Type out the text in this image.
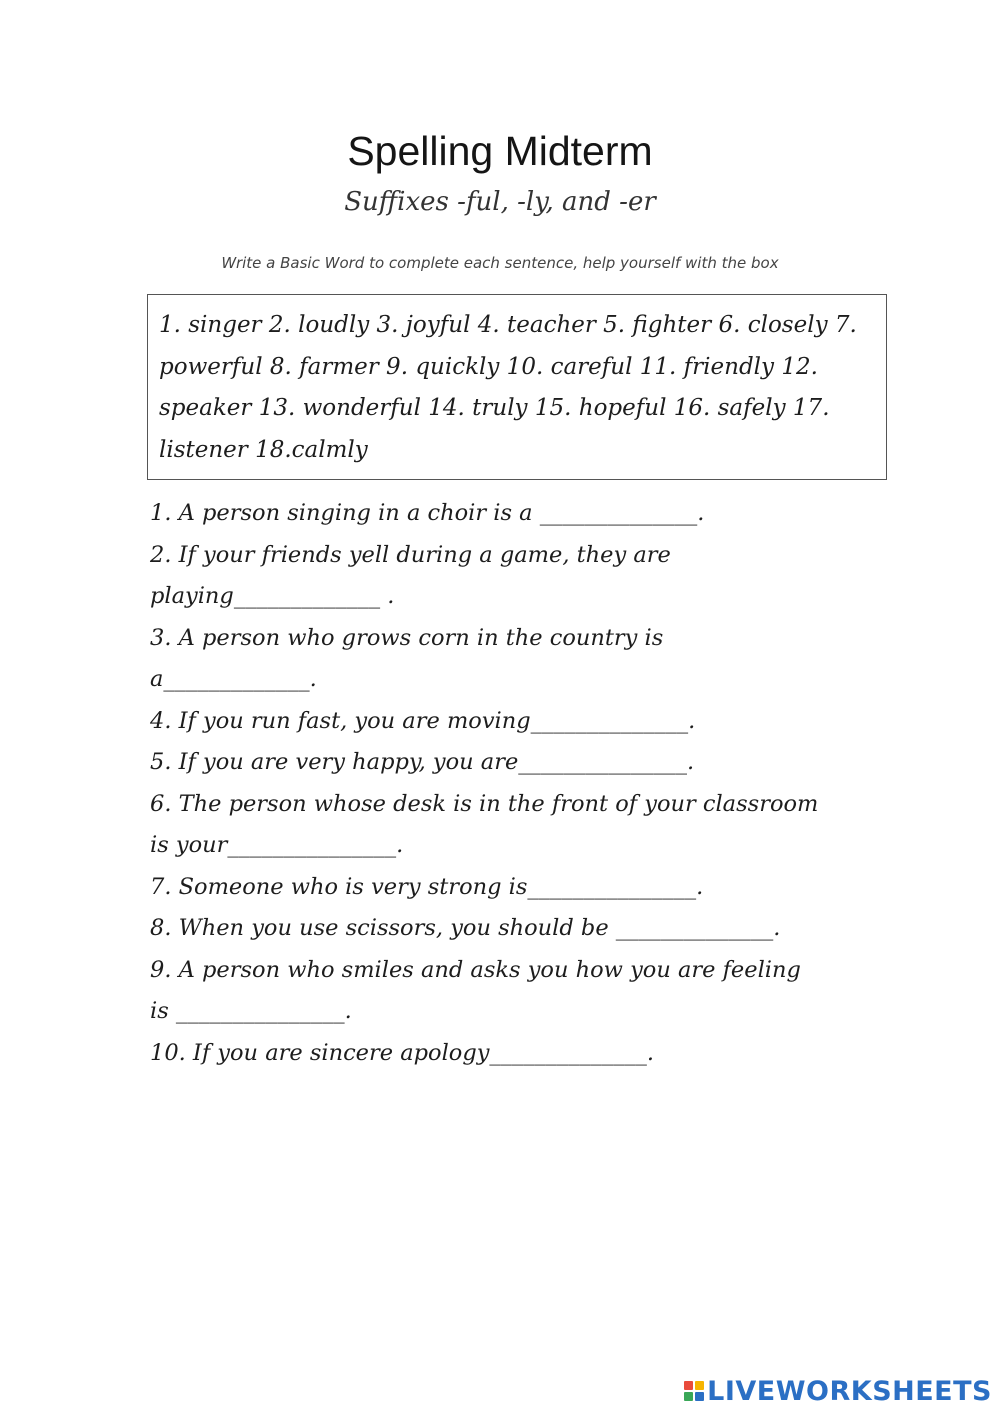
Spelling Midterm
Suffixes -ful, -ly, and -er
Write a Basic Word to complete each sentence, help yourself with the box
1. singer 2. loudly 3. joyful 4. teacher 5. fighter 6. closely 7.
powerful 8. farmer 9. quickly 10. careful 11. friendly 12.
speaker 13. wonderful 14. truly 15. hopeful 16. safely 17.
listener 18.calmly
1. A person singing in a choir is a ______________.
2. If your friends yell during a game, they are
playing_____________ .
3. A person who grows corn in the country is
a_____________.
4. If you run fast, you are moving______________.
5. If you are very happy, you are_______________.
6. The person whose desk is in the front of your classroom
is your_______________.
7. Someone who is very strong is_______________.
8. When you use scissors, you should be ______________.
9. A person who smiles and asks you how you are feeling
is _______________.
10. If you are sincere apology______________.
LIVEWORKSHEETS
